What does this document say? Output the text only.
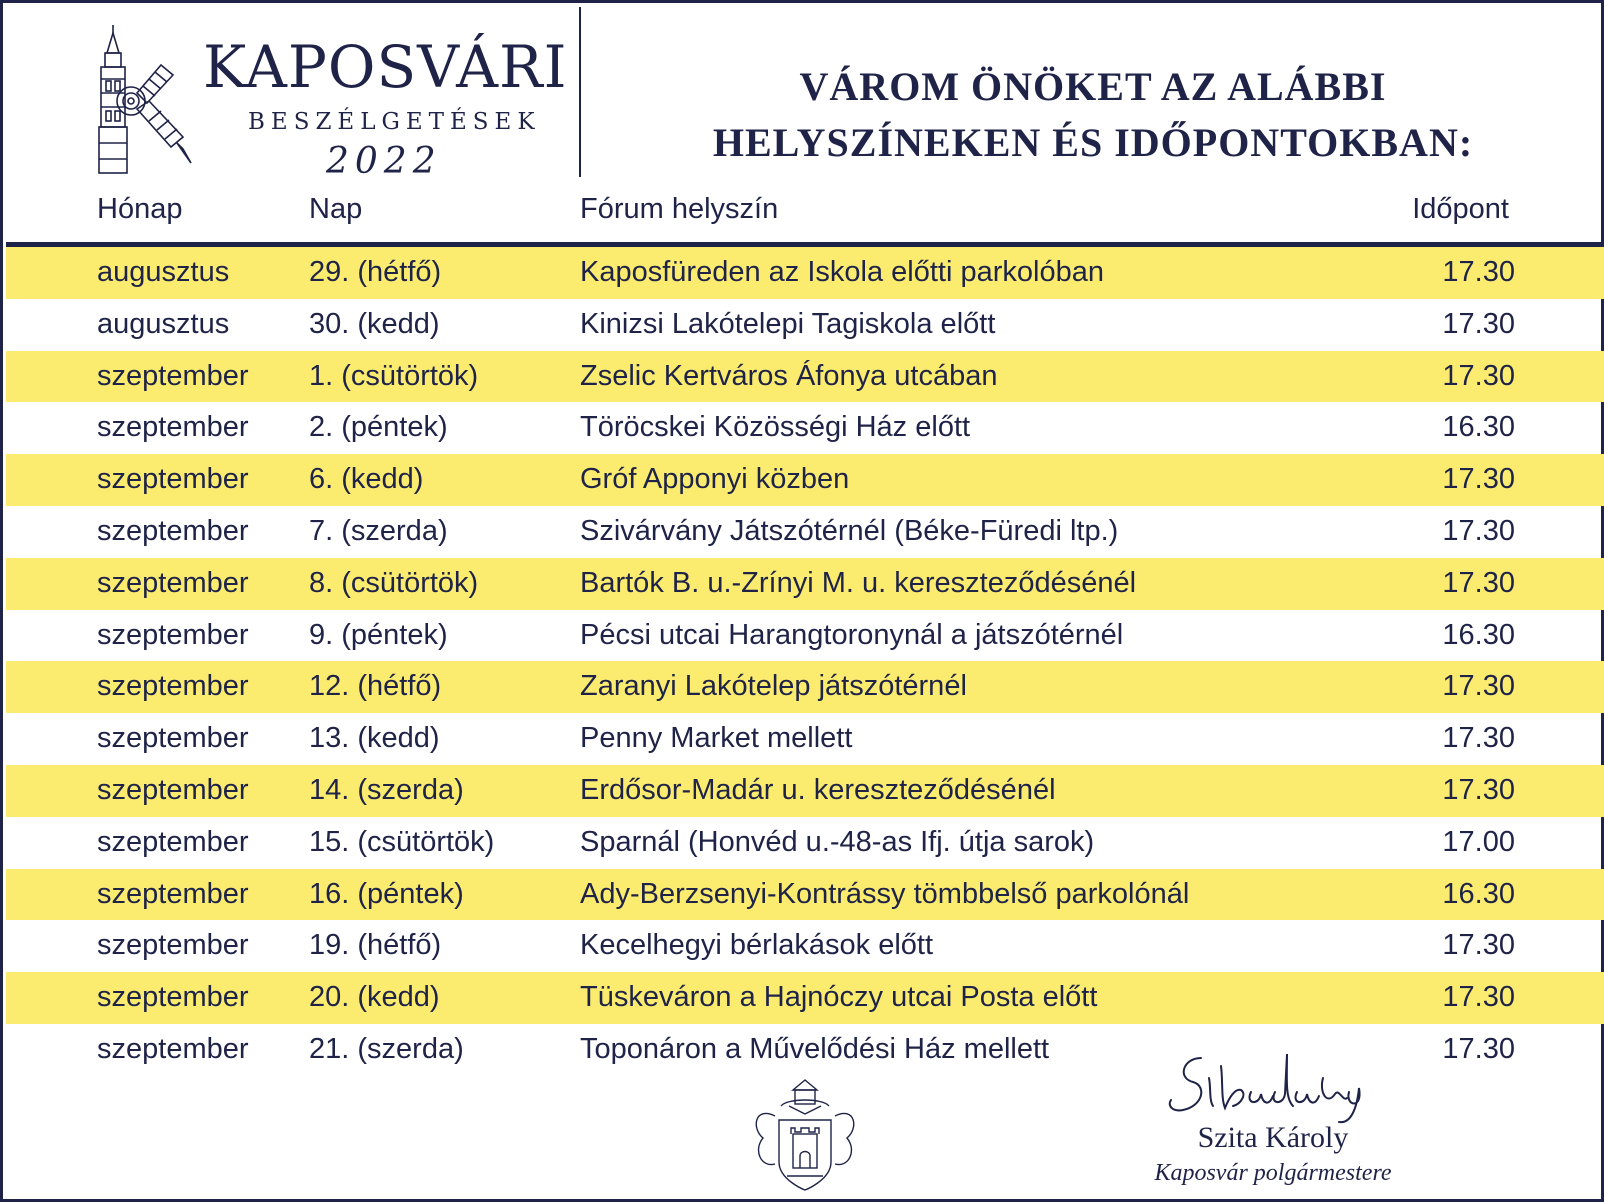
KAPOSVÁRI
BESZÉLGETÉSEK
2022
VÁROM ÖNÖKET AZ ALÁBBI
HELYSZÍNEKEN ÉS IDŐPONTOKBAN:
Hónap	Nap	Fórum helyszín	Időpont
augusztus	29. (hétfő)	Kaposfüreden az Iskola előtti parkolóban	17.30
augusztus	30. (kedd)	Kinizsi Lakótelepi Tagiskola előtt	17.30
szeptember 1. (csütörtök)	Zselic Kertváros Áfonya utcában	17.30
szeptember 2. (péntek)	Töröcskei Közösségi Ház előtt	16.30
szeptember 6. (kedd)	Gróf Apponyi közben	17.30
szeptember 7. (szerda)	Szivárvány Játszótérnél (Béke-Füredi ltp.)	17.30
szeptember 8. (csütörtök)	Bartók B. u.-Zrínyi M. u. kereszteződésénél	17.30
szeptember 9. (péntek)	Pécsi utcai Harangtoronynál a játszótérnél	16.30
szeptember 12. (hétfő)	Zaranyi Lakótelep játszótérnél	17.30
szeptember 13. (kedd)	Penny Market mellett	17.30
szeptember 14. (szerda)	Erdősor-Madár u. kereszteződésénél	17.30
szeptember 15. (csütörtök)	Sparnál (Honvéd u.-48-as Ifj. útja sarok)	17.00
szeptember 16. (péntek)	Ady-Berzsenyi-Kontrássy tömbbelső parkolónál	16.30
szeptember 19. (hétfő)	Kecelhegyi bérlakások előtt	17.30
szeptember 20. (kedd)	Tüskeváron a Hajnóczy utcai Posta előtt	17.30
szeptember 21. (szerda)	Toponáron a Művelődési Ház mellett	17.30
Szita Károly
Kaposvár polgármestere
